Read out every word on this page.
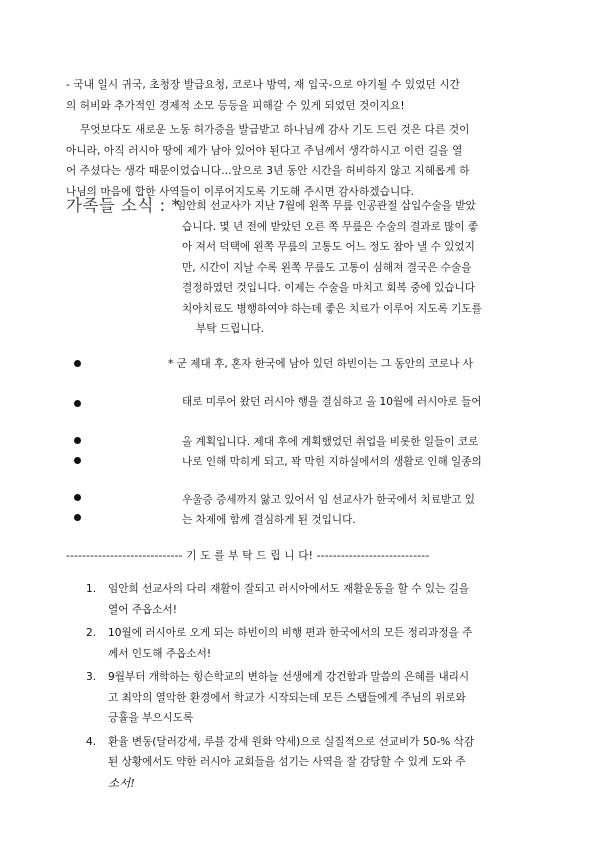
- 국내 일시 귀국, 초청장 발급요청, 코로나 방역, 재 입국-으로 야기될 수 있었던 시간
의 허비와 추가적인 경제적 소모 등등을 피해갈 수 있게 되었던 것이지요!
무엇보다도 새로운 노동 허가증을 발급받고 하나님께 감사 기도 드린 것은 다른 것이
아니라, 아직 러시아 땅에 제가 남아 있어야 된다고 주님께서 생각하시고 이런 길을 열
어 주셨다는 생각 때문이었습니다…앞으로 3년 동안 시간을 허비하지 않고 지혜롭게 하
나님의 마음에 합한 사역들이 이루어지도록 기도해 주시면 감사하겠습니다.
가족들 소식 : *
임안희 선교사가 지난 7월에 왼쪽 무릎 인공관절 삽입수술을 받았
습니다. 몇 년 전에 받았던 오른 쪽 무릎은 수술의 결과로 많이 좋
아 져서 덕택에 왼쪽 무릎의 고통도 어느 정도 참아 낼 수 있었지
만, 시간이 지날 수록 왼쪽 무릎도 고통이 심해져 결국은 수술을
결정하였던 것입니다. 이제는 수술을 마치고 회복 중에 있습니다
치아치료도 병행하여야 하는데 좋은 치료가 이루어 지도록 기도를
부탁 드립니다.
* 군 제대 후, 혼자 한국에 남아 있던 하빈이는 그 동안의 코로나 사
태로 미루어 왔던 러시아 행을 결심하고 올 10월에 러시아로 들어
올 계획입니다. 제대 후에 계획했었던 취업을 비롯한 일들이 코로
나로 인해 막히게 되고, 꽉 막힌 지하실에서의 생활로 인해 일종의
우울증 증세까지 앓고 있어서 임 선교사가 한국에서 치료받고 있
는 차제에 함께 결심하게 된 것입니다.
----------------------------- 기 도 를 부 탁 드 립 니 다! ----------------------------
1. 임안희 선교사의 다리 재활이 잘되고 러시아에서도 재활운동을 할 수 있는 길을
열어 주옵소서!
2. 10월에 러시아로 오게 되는 하빈이의 비행 편과 한국에서의 모든 정리과정을 주
께서 인도해 주옵소서!
3. 9월부터 개학하는 힝슨학교의 변하늘 선생에게 강건함과 말씀의 은혜를 내리시
고 최악의 열악한 환경에서 학교가 시작되는데 모든 스탭들에게 주님의 위로와
긍휼을 부으시도록
4. 환율 변동(달러강세, 루블 강세 원화 약세)으로 실질적으로 선교비가 50-% 삭감
된 상황에서도 약한 러시아 교회들을 섬기는 사역을 잘 감당할 수 있게 도와 주
소서!
